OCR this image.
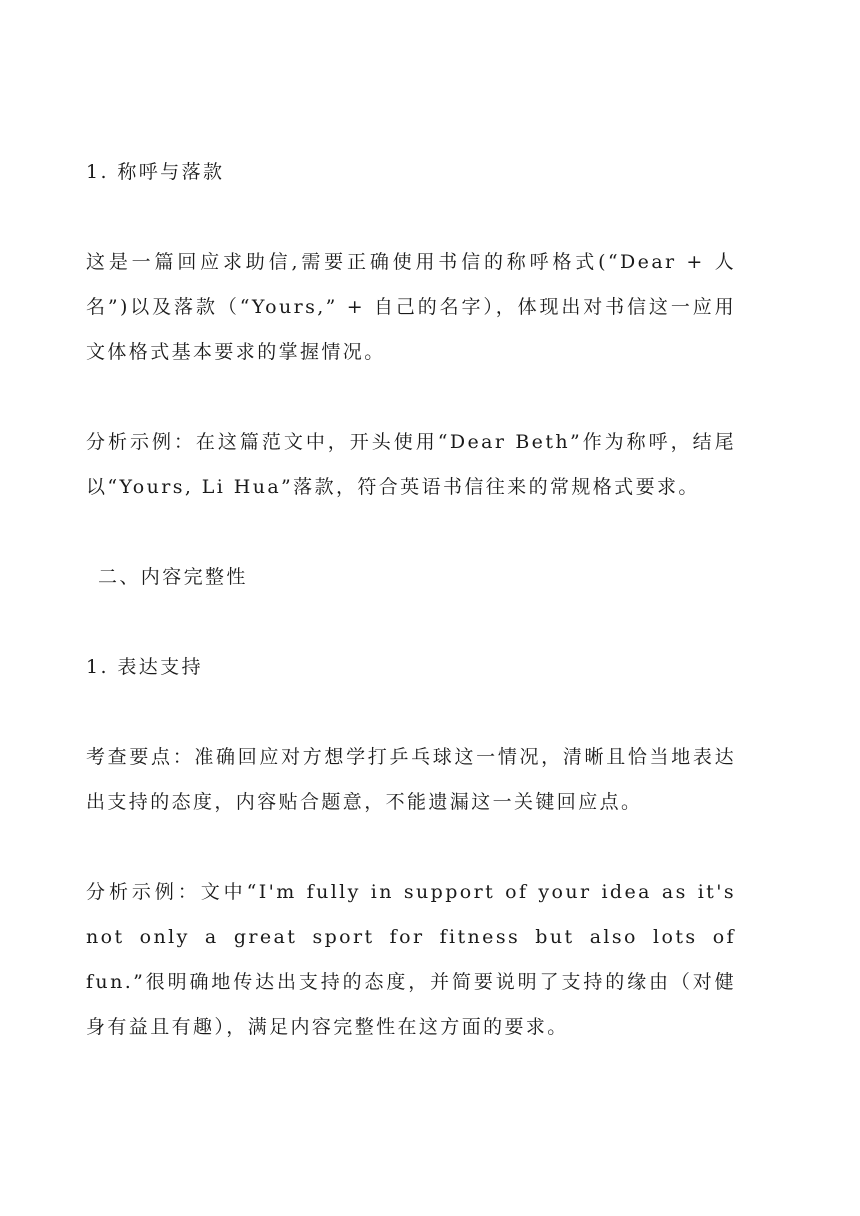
1. 称呼与落款

这是一篇回应求助信,需要正确使用书信的称呼格式(“Dear + 人名”)以及落款（“Yours,” + 自己的名字），体现出对书信这一应用文体格式基本要求的掌握情况。

分析示例：在这篇范文中，开头使用“Dear Beth”作为称呼，结尾以“Yours, Li Hua”落款，符合英语书信往来的常规格式要求。

二、内容完整性
1. 表达支持

考查要点：准确回应对方想学打乒乓球这一情况，清晰且恰当地表达出支持的态度，内容贴合题意，不能遗漏这一关键回应点。

分析示例：文中“I'm fully in support of your idea as it's not only a great sport for fitness but also lots of fun.”很明确地传达出支持的态度，并简要说明了支持的缘由（对健身有益且有趣），满足内容完整性在这方面的要求。
